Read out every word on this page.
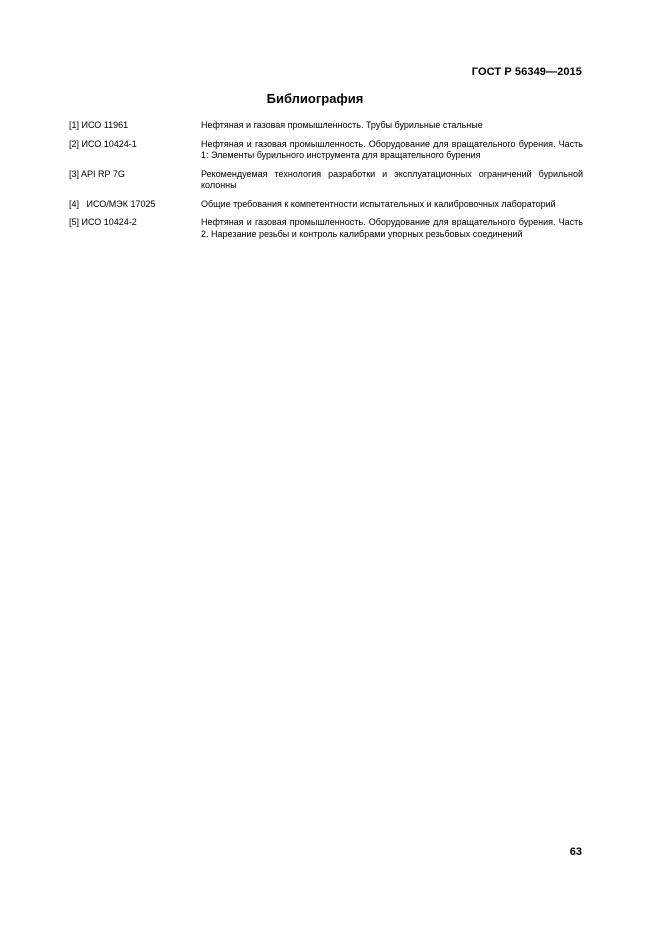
ГОСТ Р 56349—2015
Библиография
[1] ИСО 11961	Нефтяная и газовая промышленность. Трубы бурильные стальные
[2] ИСО 10424-1	Нефтяная и газовая промышленность. Оборудование для вращательного бурения. Часть 1: Элементы бурильного инструмента для вращательного бурения
[3] API RP 7G	Рекомендуемая технология разработки и эксплуатационных ограничений бурильной колонны
[4]   ИСО/МЭК 17025	Общие требования к компетентности испытательных и калибровочных лабораторий
[5] ИСО 10424-2	Нефтяная и газовая промышленность. Оборудование для вращательного бурения. Часть 2. Нарезание резьбы и контроль калибрами упорных резьбовых соединений
63
